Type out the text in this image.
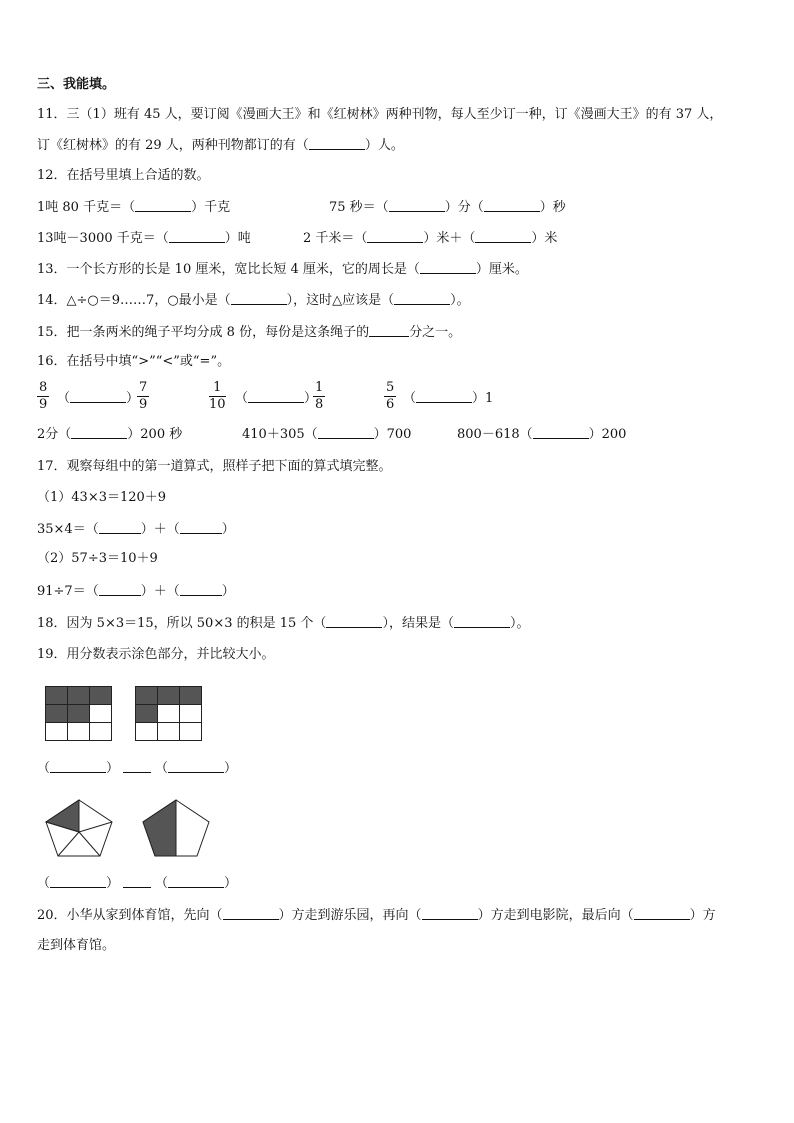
三、我能填。
11．三（1）班有 45 人，要订阅《漫画大王》和《红树林》两种刊物，每人至少订一种，订《漫画大王》的有 37 人，
订《红树林》的有 29 人，两种刊物都订的有（	）人。
12．在括号里填上合适的数。
1吨 80 千克＝（	）千克	75 秒＝（	）分（	）秒
13吨－3000 千克＝（	）吨	2 千米＝（	）米＋（	）米
13．一个长方形的长是 10 厘米，宽比长短 4 厘米，它的周长是（	）厘米。
14．△÷○＝9……7，○最小是（	），这时△应该是（	）。
15．把一条两米的绳子平均分成 8 份，每份是这条绳子的	分之一。
16．在括号中填“>”“<”或“=”。
$\frac{8}{9}$ （	）
$\frac{7}{9}$	$\frac{1}{10}$ （	）
$\frac{1}{8}$	$\frac{5}{6}$ （	）1
2分（	）200 秒	410＋305（	）700	800－618（	）200
17．观察每组中的第一道算式，照样子把下面的算式填完整。
（1）43×3＝120＋9
35×4＝（	）＋（	）
（2）57÷3＝10＋9
91÷7＝（	）＋（	）
18．因为 5×3＝15，所以 50×3 的积是 15 个（	），结果是（	）。
19．用分数表示涂色部分，并比较大小。
（	）	（	）
（	）	（	）
20．小华从家到体育馆，先向（	）方走到游乐园，再向（	）方走到电影院，最后向（	）方
走到体育馆。
